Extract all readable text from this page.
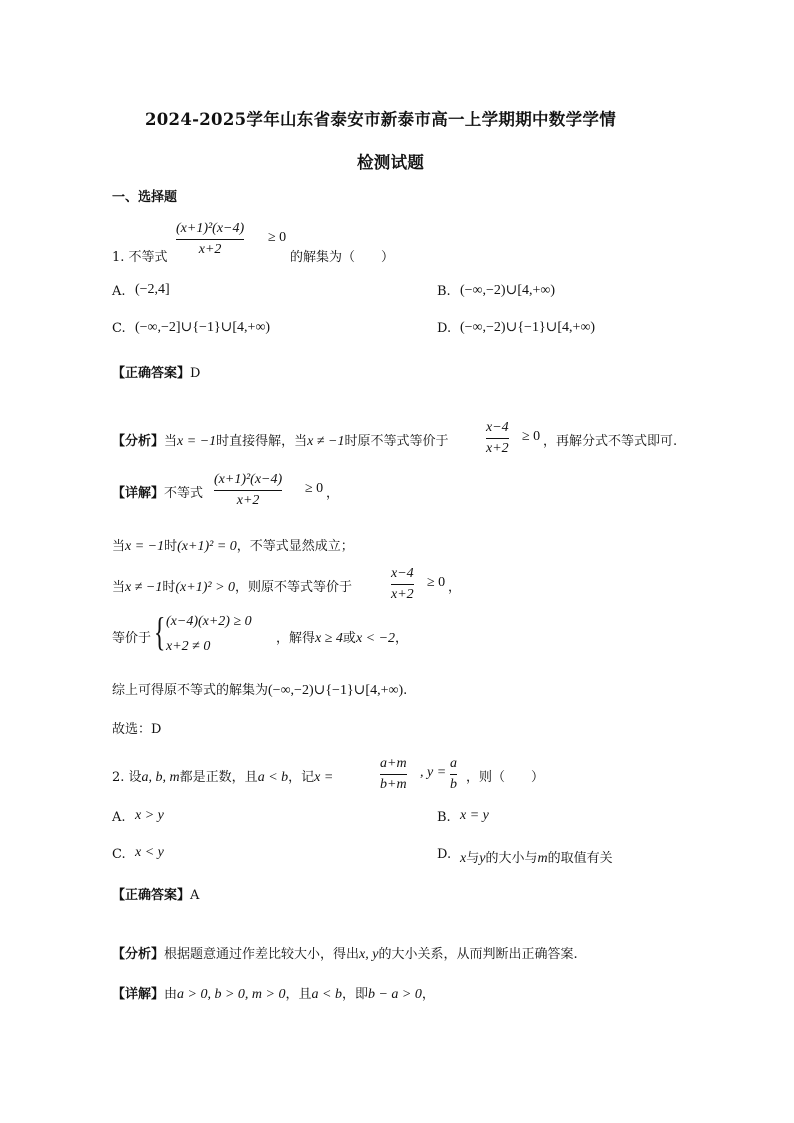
2024-2025学年山东省泰安市新泰市高一上学期期中数学学情
检测试题
一、选择题
1. 不等式
(x+1)²(x−4)
x+2
≥ 0
的解集为（　　）
A. (−2,4]	B. (−∞,−2)∪[4,+∞)
C. (−∞,−2]∪{−1}∪[4,+∞)	D. (−∞,−2)∪{−1}∪[4,+∞)
【正确答案】D
【分析】当x = −1时直接得解，当x ≠ −1时原不等式等价于
x−4
x+2
≥ 0 ，再解分式不等式即可.
【详解】不等式
(x+1)²(x−4)
x+2
≥ 0 ，
当x = −1时(x+1)² = 0，不等式显然成立；
当x ≠ −1时(x+1)² > 0，则原不等式等价于
x−4
x+2
≥ 0 ，
等价于 { (x−4)(x+2) ≥ 0
x+2 ≠ 0
，解得x ≥ 4或x < −2，
综上可得原不等式的解集为(−∞,−2)∪{−1}∪[4,+∞).
故选：D
2. 设a, b, m都是正数，且a < b，记x =
a+m
b+m
, y =
a
b ，则（　　）
A. x > y	B. x = y
C. x < y	D. x与y的大小与m的取值有关
【正确答案】A
【分析】根据题意通过作差比较大小，得出x, y的大小关系，从而判断出正确答案.
【详解】由a > 0, b > 0, m > 0，且a < b，即b − a > 0，
